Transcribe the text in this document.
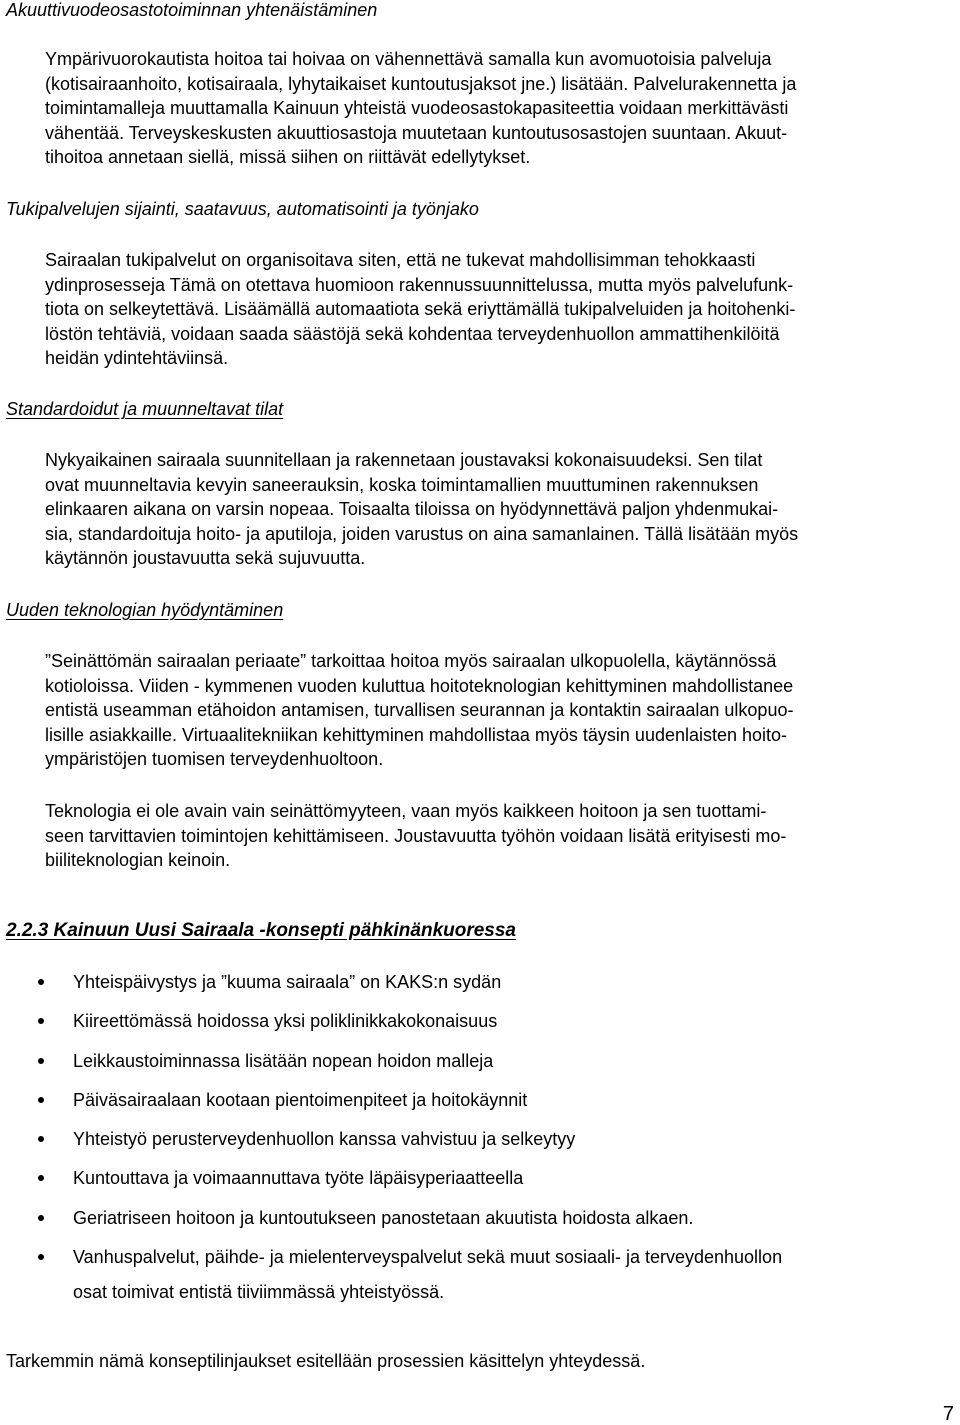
Akuuttivuodeosastotoiminnan yhtenäistäminen

Ympärivuorokautista hoitoa tai hoivaa on vähennettävä samalla kun avomuotoisia palveluja
(kotisairaanhoito, kotisairaala, lyhytaikaiset kuntoutusjaksot jne.) lisätään. Palvelurakennetta ja
toimintamalleja muuttamalla Kainuun yhteistä vuodeosastokapasiteettia voidaan merkittävästi
vähentää. Terveyskeskusten akuuttiosastoja muutetaan kuntoutusosastojen suuntaan. Akuut-
tihoitoa annetaan siellä, missä siihen on riittävät edellytykset.

Tukipalvelujen sijainti, saatavuus, automatisointi ja työnjako

Sairaalan tukipalvelut on organisoitava siten, että ne tukevat mahdollisimman tehokkaasti
ydinprosesseja Tämä on otettava huomioon rakennussuunnittelussa, mutta myös palvelufunk-
tiota on selkeytettävä. Lisäämällä automaatiota sekä eriyttämällä tukipalveluiden ja hoitohenki-
löstön tehtäviä, voidaan saada säästöjä sekä kohdentaa terveydenhuollon ammattihenkilöitä
heidän ydintehtäviinsä.

Standardoidut ja muunneltavat tilat

Nykyaikainen sairaala suunnitellaan ja rakennetaan joustavaksi kokonaisuudeksi. Sen tilat
ovat muunneltavia kevyin saneerauksin, koska toimintamallien muuttuminen rakennuksen
elinkaaren aikana on varsin nopeaa. Toisaalta tiloissa on hyödynnettävä paljon yhdenmukai-
sia, standardoituja hoito- ja aputiloja, joiden varustus on aina samanlainen. Tällä lisätään myös
käytännön joustavuutta sekä sujuvuutta.

Uuden teknologian hyödyntäminen

”Seinättömän sairaalan periaate” tarkoittaa hoitoa myös sairaalan ulkopuolella, käytännössä
kotioloissa. Viiden - kymmenen vuoden kuluttua hoitoteknologian kehittyminen mahdollistanee
entistä useamman etähoidon antamisen, turvallisen seurannan ja kontaktin sairaalan ulkopuo-
lisille asiakkaille. Virtuaalitekniikan kehittyminen mahdollistaa myös täysin uudenlaisten hoito-
ympäristöjen tuomisen terveydenhuoltoon.

Teknologia ei ole avain vain seinättömyyteen, vaan myös kaikkeen hoitoon ja sen tuottami-
seen tarvittavien toimintojen kehittämiseen. Joustavuutta työhön voidaan lisätä erityisesti mo-
biiliteknologian keinoin.

2.2.3 Kainuun Uusi Sairaala -konsepti pähkinänkuoressa
Yhteispäivystys ja ”kuuma sairaala” on KAKS:n sydän
Kiireettömässä hoidossa yksi poliklinikkakokonaisuus
Leikkaustoiminnassa lisätään nopean hoidon malleja
Päiväsairaalaan kootaan pientoimenpiteet ja hoitokäynnit
Yhteistyö perusterveydenhuollon kanssa vahvistuu ja selkeytyy
Kuntouttava ja voimaannuttava työte läpäisyperiaatteella
Geriatriseen hoitoon ja kuntoutukseen panostetaan akuutista hoidosta alkaen.
Vanhuspalvelut, päihde- ja mielenterveyspalvelut sekä muut sosiaali- ja terveydenhuollon
osat toimivat entistä tiiviimmässä yhteistyössä.

Tarkemmin nämä konseptilinjaukset esitellään prosessien käsittelyn yhteydessä.

7
